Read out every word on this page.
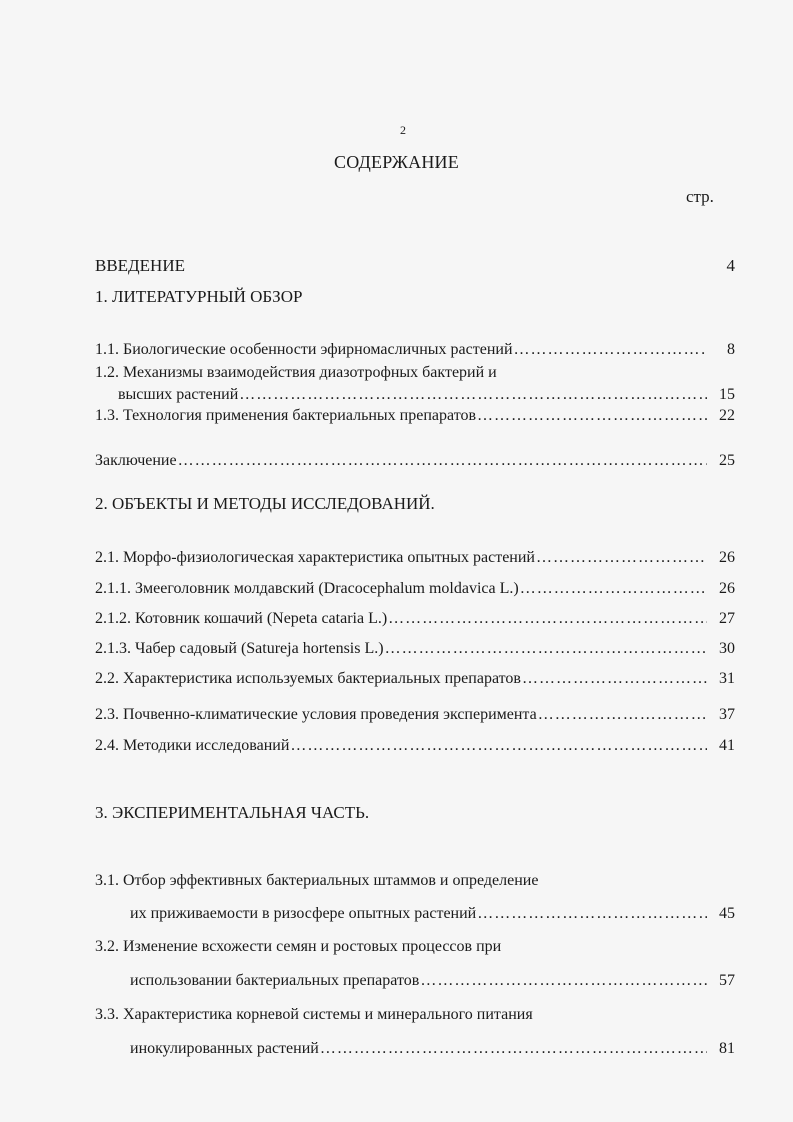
2
СОДЕРЖАНИЕ
стр.
ВВЕДЕНИЕ	4
1. ЛИТЕРАТУРНЫЙ ОБЗОР
1.1. Биологические особенности эфирномасличных растений ……………………………………………………………………………………………………………………………	8
1.2. Механизмы взаимодействия диазотрофных бактерий и
высших растений ……………………………………………………………………………………………………………………………	15
1.3. Технология применения бактериальных препаратов ……………………………………………………………………………………………………………………………	22
Заключение ……………………………………………………………………………………………………………………………	25
2. ОБЪЕКТЫ И МЕТОДЫ ИССЛЕДОВАНИЙ.
2.1. Морфо-физиологическая характеристика опытных растений ……………………………………………………………………………………………………………………………	26
2.1.1. Змееголовник молдавский (Dracocephalum moldavica L.) ……………………………………………………………………………………………………………………………	26
2.1.2. Котовник кошачий (Nepeta cataria L.) ……………………………………………………………………………………………………………………………	27
2.1.3. Чабер садовый (Satureja hortensis L.) ……………………………………………………………………………………………………………………………	30
2.2. Характеристика используемых бактериальных препаратов ……………………………………………………………………………………………………………………………	31
2.3. Почвенно-климатические условия проведения эксперимента ……………………………………………………………………………………………………………………………	37
2.4. Методики исследований ……………………………………………………………………………………………………………………………	41
3. ЭКСПЕРИМЕНТАЛЬНАЯ ЧАСТЬ.
3.1. Отбор эффективных бактериальных штаммов и определение
их приживаемости в ризосфере опытных растений ……………………………………………………………………………………………………………………………	45
3.2. Изменение всхожести семян и ростовых процессов при
использовании бактериальных препаратов ……………………………………………………………………………………………………………………………	57
3.3. Характеристика корневой системы и минерального питания
инокулированных растений ……………………………………………………………………………………………………………………………	81
